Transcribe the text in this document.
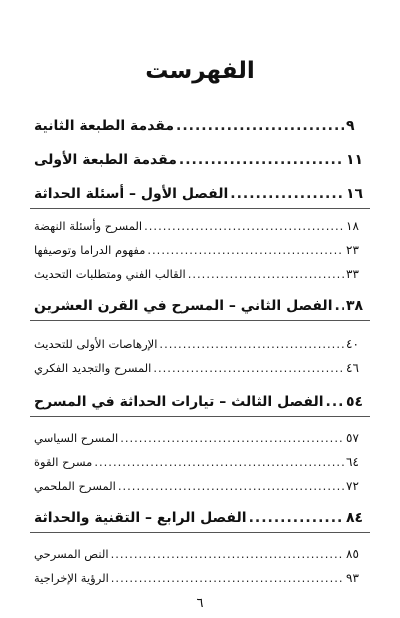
الفهرست
مقدمة الطبعة الثانية .....	٩
مقدمة الطبعة الأولى .....	١١
الفصل الأول – أسئلة الحداثة .....	١٦
المسرح وأسئلة النهضة .....	١٨
مفهوم الدراما وتوصيفها .....	٢٣
القالب الفني ومتطلبات التحديث .....	٣٣
الفصل الثاني – المسرح في القرن العشرين ..... ٣٨
الإرهاصات الأولى للتحديث .....	٤٠
المسرح والتجديد الفكري .....	٤٦
الفصل الثالث – تيارات الحداثة في المسرح ..... ٥٤
المسرح السياسي .....	٥٧
مسرح القوة .....	٦٤
المسرح الملحمي .....	٧٢
الفصل الرابع – التقنية والحداثة .....	٨٤
النص المسرحي .....	٨٥
الرؤية الإخراجية .....	٩٣
٦
